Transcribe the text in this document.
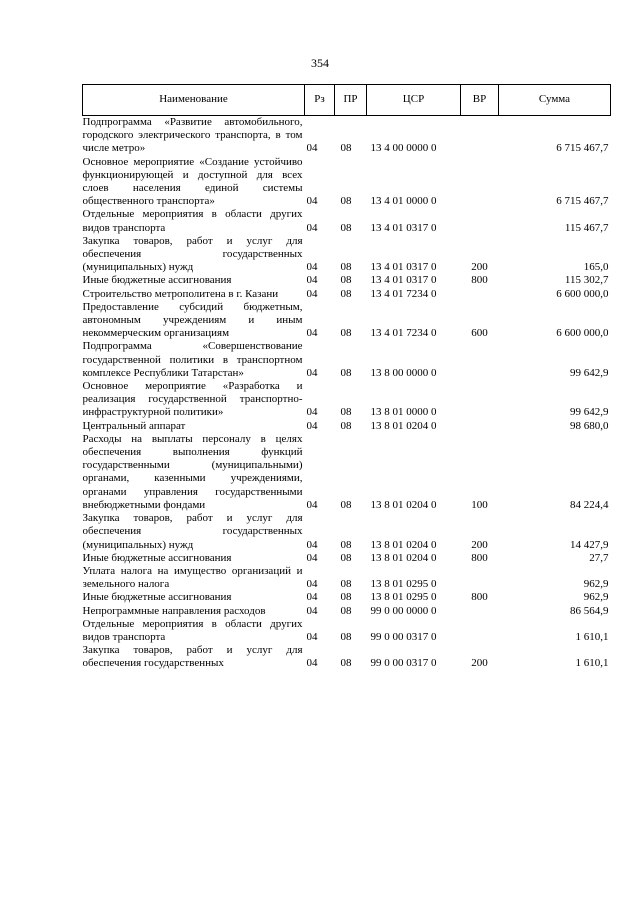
354
Наименование	Рз	ПР	ЦСР	ВР	Сумма
Подпрограмма «Развитие автомобильного, городского электрического транспорта, в том числе метро»	04	08	13 4 00 0000 0		6 715 467,7
Основное мероприятие «Создание устойчиво функционирующей и доступной для всех слоев населения единой системы общественного транспорта»	04	08	13 4 01 0000 0		6 715 467,7
Отдельные мероприятия в области других видов транспорта	04	08	13 4 01 0317 0		115 467,7
Закупка товаров, работ и услуг для обеспечения государственных (муниципальных) нужд	04	08	13 4 01 0317 0	200	165,0
Иные бюджетные ассигнования	04	08	13 4 01 0317 0	800	115 302,7
Строительство метрополитена в г. Казани	04	08	13 4 01 7234 0		6 600 000,0
Предоставление субсидий бюджетным, автономным учреждениям и иным некоммерческим организациям	04	08	13 4 01 7234 0	600	6 600 000,0
Подпрограмма «Совершенствование государственной политики в транспортном комплексе Республики Татарстан»	04	08	13 8 00 0000 0		99 642,9
Основное мероприятие «Разработка и реализация государственной транспортно-инфраструктурной политики»	04	08	13 8 01 0000 0		99 642,9
Центральный аппарат	04	08	13 8 01 0204 0		98 680,0
Расходы на выплаты персоналу в целях обеспечения выполнения функций государственными (муниципальными) органами, казенными учреждениями, органами управления государственными внебюджетными фондами	04	08	13 8 01 0204 0	100	84 224,4
Закупка товаров, работ и услуг для обеспечения государственных (муниципальных) нужд	04	08	13 8 01 0204 0	200	14 427,9
Иные бюджетные ассигнования	04	08	13 8 01 0204 0	800	27,7
Уплата налога на имущество организаций и земельного налога	04	08	13 8 01 0295 0		962,9
Иные бюджетные ассигнования	04	08	13 8 01 0295 0	800	962,9
Непрограммные направления расходов	04	08	99 0 00 0000 0		86 564,9
Отдельные мероприятия в области других видов транспорта	04	08	99 0 00 0317 0		1 610,1
Закупка товаров, работ и услуг для обеспечения государственных	04	08	99 0 00 0317 0	200	1 610,1
